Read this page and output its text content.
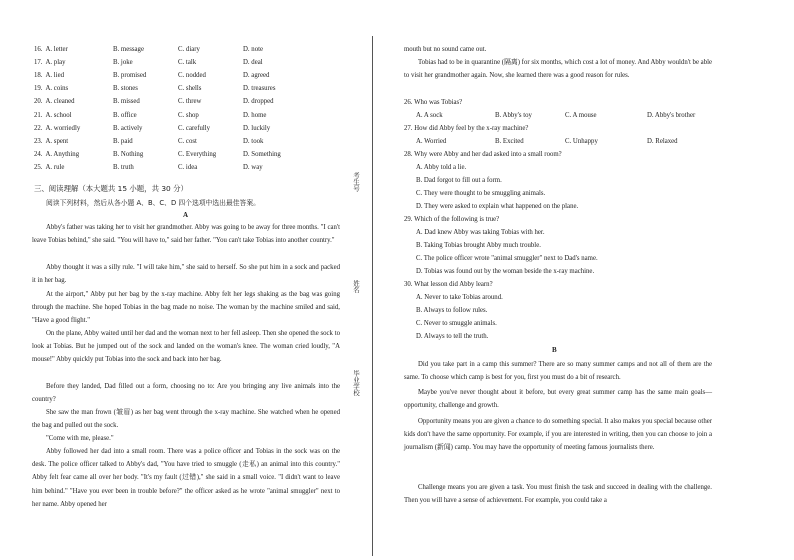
16. A. letter	B. message	C. diary	D. note
17. A. play	B. joke	C. talk	D. deal
18. A. lied	B. promised	C. nodded	D. agreed
19. A. coins	B. stones	C. shells	D. treasures
20. A. cleaned	B. missed	C. threw	D. dropped
21. A. school	B. office	C. shop	D. home
22. A. worriedly	B. actively	C. carefully	D. luckily
23. A. spent	B. paid	C. cost	D. took
24. A. Anything	B. Nothing	C. Everything	D. Something
25. A. rule	B. truth	C. idea	D. way
三、阅读理解（本大题共 15 小题，共 30 分）
阅读下列材料，然后从各小题 A、B、C、D 四个选项中选出最佳答案。
A
Abby's father was taking her to visit her grandmother. Abby was going to be away for three months. "I can't leave Tobias behind," she said. "You will have to," said her father. "You can't take Tobias into another country."
Abby thought it was a silly rule. "I will take him," she said to herself. So she put him in a sock and packed it in her bag.
At the airport," Abby put her bag by the x-ray machine. Abby felt her legs shaking as the bag was going through the machine. She hoped Tobias in the bag made no noise. The woman by the machine smiled and said, "Have a good flight."
On the plane, Abby waited until her dad and the woman next to her fell asleep. Then she opened the sock to look at Tobias. But he jumped out of the sock and landed on the woman's knee. The woman cried loudly, "A mouse!" Abby quickly put Tobias into the sock and back into her bag.
Before they landed, Dad filled out a form, choosing no to: Are you bringing any live animals into the country?
She saw the man frown (皱眉) as her bag went through the x-ray machine. She watched when he opened the bag and pulled out the sock.
"Come with me, please."
Abby followed her dad into a small room. There was a police officer and Tobias in the sock was on the desk. The police officer talked to Abby's dad, "You have tried to smuggle (走私) an animal into this country." Abby felt fear came all over her body. "It's my fault (过错)," she said in a small voice. "I didn't want to leave him behind." "Have you ever been in trouble before?" the officer asked as he wrote "animal smuggler" next to her name. Abby opened her
考生号
姓名
毕业学校
mouth but no sound came out.
Tobias had to be in quarantine (隔离) for six months, which cost a lot of money. And Abby wouldn't be able to visit her grandmother again. Now, she learned there was a good reason for rules.
26. Who was Tobias?
A. A sock	B. Abby's toy	C. A mouse	D. Abby's brother
27. How did Abby feel by the x-ray machine?
A. Worried	B. Excited	C. Unhappy	D. Relaxed
28. Why were Abby and her dad asked into a small room?
A. Abby told a lie.
B. Dad forgot to fill out a form.
C. They were thought to be smuggling animals.
D. They were asked to explain what happened on the plane.
29. Which of the following is true?
A. Dad knew Abby was taking Tobias with her.
B. Taking Tobias brought Abby much trouble.
C. The police officer wrote "animal smuggler" next to Dad's name.
D. Tobias was found out by the woman beside the x-ray machine.
30. What lesson did Abby learn?
A. Never to take Tobias around.
B. Always to follow rules.
C. Never to smuggle animals.
D. Always to tell the truth.
B
Did you take part in a camp this summer? There are so many summer camps and not all of them are the same. To choose which camp is best for you, first you must do a bit of research.
Maybe you've never thought about it before, but every great summer camp has the same main goals—opportunity, challenge and growth.
Opportunity means you are given a chance to do something special. It also makes you special because other kids don't have the same opportunity. For example, if you are interested in writing, then you can choose to join a journalism (新闻) camp. You may have the opportunity of meeting famous journalists there.
Challenge means you are given a task. You must finish the task and succeed in dealing with the challenge. Then you will have a sense of achievement. For example, you could take a
